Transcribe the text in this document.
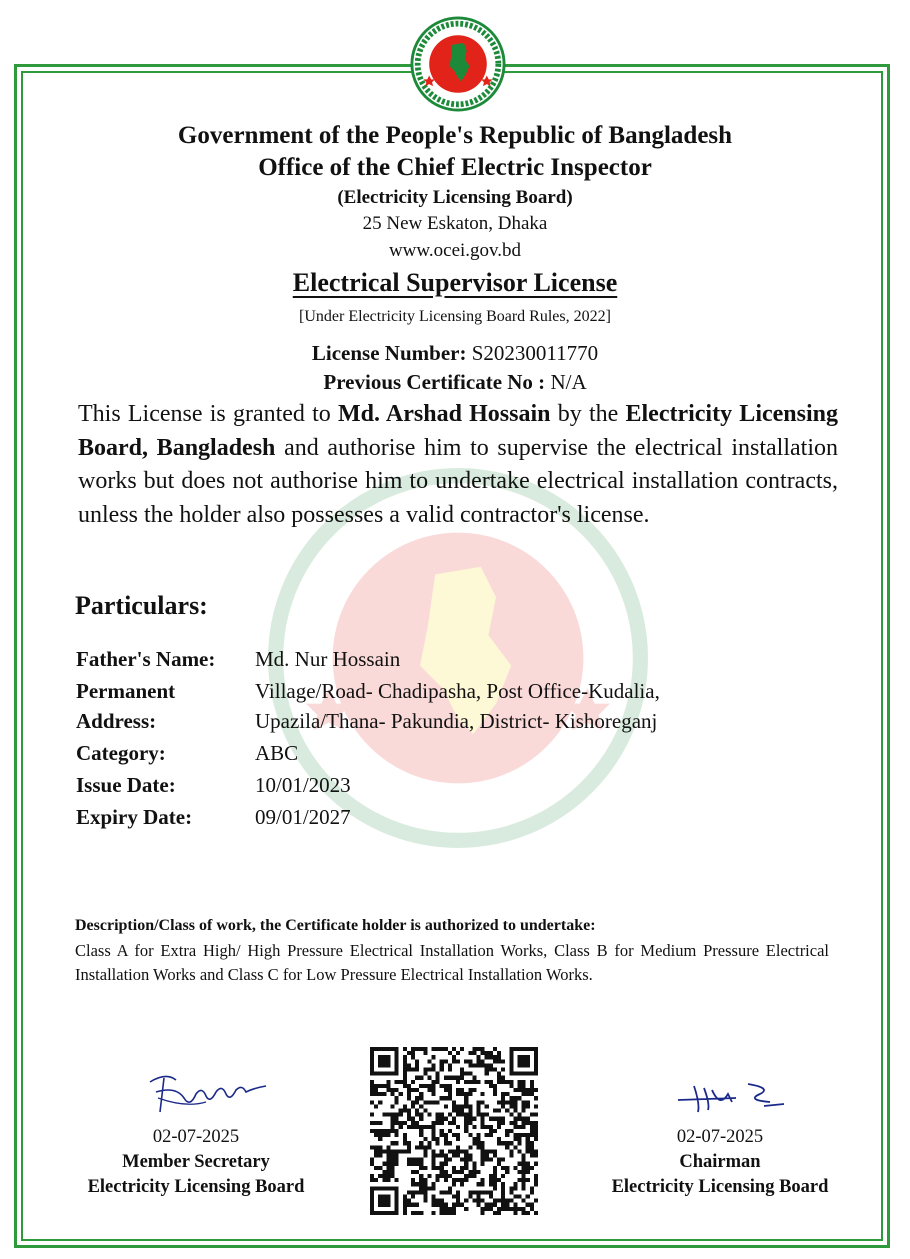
Government of the People's Republic of Bangladesh
Office of the Chief Electric Inspector
(Electricity Licensing Board)
25 New Eskaton, Dhaka
www.ocei.gov.bd
Electrical Supervisor License
[Under Electricity Licensing Board Rules, 2022]
License Number: S20230011770
Previous Certificate No : N/A
This License is granted to Md. Arshad Hossain by the Electricity Licensing Board, Bangladesh and authorise him to supervise the electrical installation works but does not authorise him to undertake electrical installation contracts, unless the holder also possesses a valid contractor's license.
Particulars:
Father's Name: Md. Nur Hossain
Permanent	Village/Road- Chadipasha, Post Office-Kudalia,
Address:	Upazila/Thana- Pakundia, District- Kishoreganj
Category:	ABC
Issue Date:	10/01/2023
Expiry Date:	09/01/2027
Description/Class of work, the Certificate holder is authorized to undertake:
Class A for Extra High/ High Pressure Electrical Installation Works, Class B for Medium Pressure Electrical Installation Works and Class C for Low Pressure Electrical Installation Works.
02-07-2025
Member Secretary
Electricity Licensing Board
02-07-2025
Chairman
Electricity Licensing Board
